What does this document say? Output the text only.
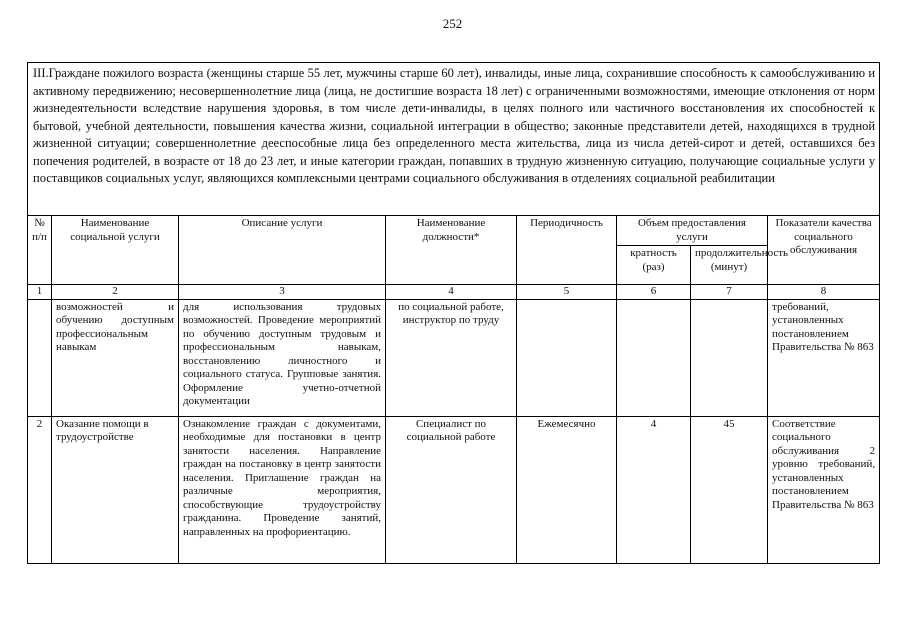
252
III.Граждане пожилого возраста (женщины старше 55 лет, мужчины старше 60 лет), инвалиды, иные лица, сохранившие способность к самообслуживанию и активному передвижению; несовершеннолетние лица (лица, не достигшие возраста 18 лет) с ограниченными возможностями, имеющие отклонения от норм жизнедеятельности вследствие нарушения здоровья, в том числе дети-инвалиды, в целях полного или частичного восстановления их способностей к бытовой, учебной деятельности, повышения качества жизни, социальной интеграции в общество; законные представители детей, находящихся в трудной жизненной ситуации; совершеннолетние дееспособные лица без определенного места жительства, лица из числа детей-сирот и детей, оставшихся без попечения родителей, в возрасте от 18 до 23 лет, и иные категории граждан, попавших в трудную жизненную ситуацию, получающие социальные услуги у поставщиков социальных услуг, являющихся комплексными центрами социального обслуживания в отделениях социальной реабилитации							
№ п/п	Наименование социальной услуги	Описание услуги	Наименование должности*	Периодичность	Объем предоставления услуги		Показатели качества социального обслуживания
					кратность (раз)	продолжительность (минут)	
1	2	3	4	5	6	7	8
	возможностей и обучению доступным профессиональным навыкам	для использования трудовых возможностей. Проведение мероприятий по обучению доступным трудовым и профессиональным навыкам, восстановлению личностного и социального статуса. Групповые занятия. Оформление учетно-отчетной документации	по социальной работе, инструктор по труду				требований, установленных постановлением Правительства № 863
2	Оказание помощи в трудоустройстве	Ознакомление граждан с документами, необходимые для постановки в центр занятости населения. Направление граждан на постановку в центр занятости населения. Приглашение граждан на различные мероприятия, способствующие трудоустройству гражданина. Проведение занятий, направленных на профориентацию.	Специалист по социальной работе	Ежемесячно	4	45	Соответствие социального обслуживания 2 уровню требований, установленных постановлением Правительства № 863
